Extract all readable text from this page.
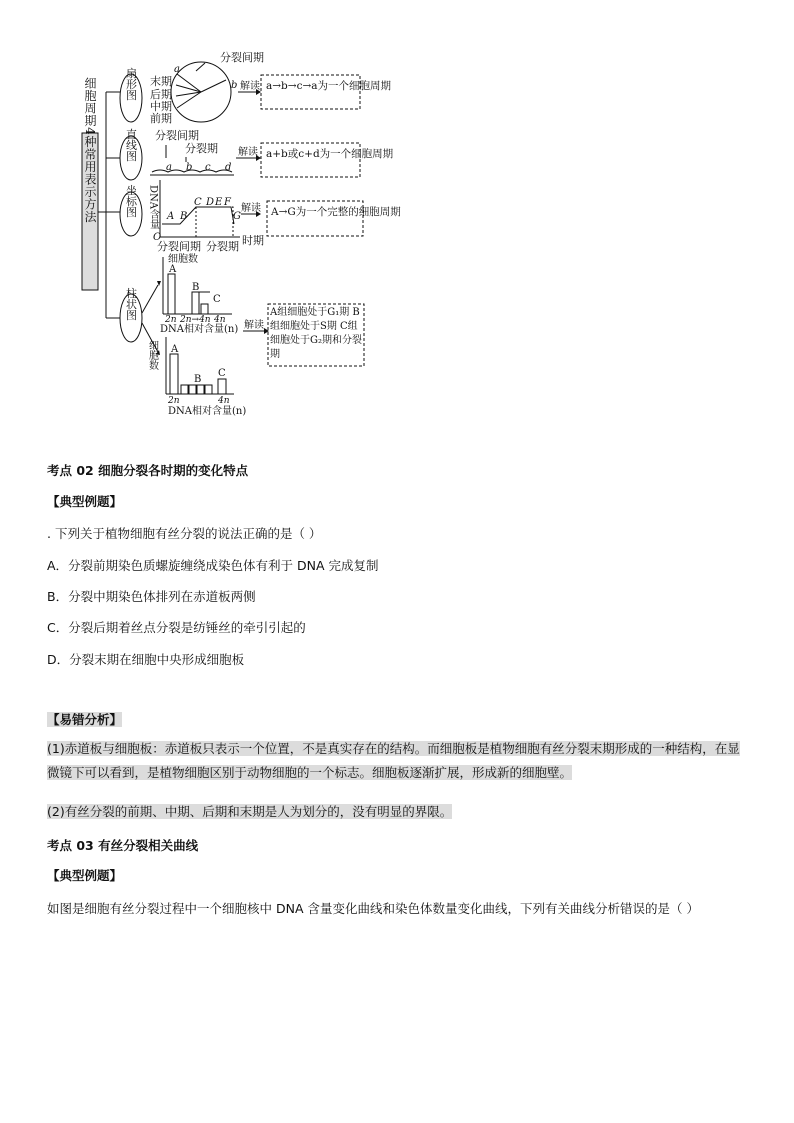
细胞周期4种常用表示方法	扇形图
直线图
坐标图
柱状图
分裂间期
末期
后期
中期
前期
a
b 解读 a→b→c→a为一个细胞周期
分裂间期
分裂期
a b c d
解读 a+b或c+d为一个细胞周期
DNA含量 A B
C D E F
G
O	时期
分裂间期 分裂期
解读 A→G为一个完整的细胞周期
细胞数
A
B
C
2n 2n→4n 4n
DNA相对含量(n)
细胞数 A
B
C
2n	4n
DNA相对含量(n)
解读
A组细胞处于G₁期 B组细胞处于S期 C组细胞处于G₂期和分裂期
考点 02 细胞分裂各时期的变化特点
【典型例题】
. 下列关于植物细胞有丝分裂的说法正确的是（ ）
A．分裂前期染色质螺旋缠绕成染色体有利于 DNA 完成复制
B．分裂中期染色体排列在赤道板两侧
C．分裂后期着丝点分裂是纺锤丝的牵引引起的
D．分裂末期在细胞中央形成细胞板
【易错分析】
(1)赤道板与细胞板：赤道板只表示一个位置，不是真实存在的结构。而细胞板是植物细胞有丝分裂末期形成的一种结构，在显微镜下可以看到，是植物细胞区别于动物细胞的一个标志。细胞板逐渐扩展，形成新的细胞壁。
(2)有丝分裂的前期、中期、后期和末期是人为划分的，没有明显的界限。
考点 03 有丝分裂相关曲线
【典型例题】
如图是细胞有丝分裂过程中一个细胞核中 DNA 含量变化曲线和染色体数量变化曲线，下列有关曲线分析错误的是（ ）
